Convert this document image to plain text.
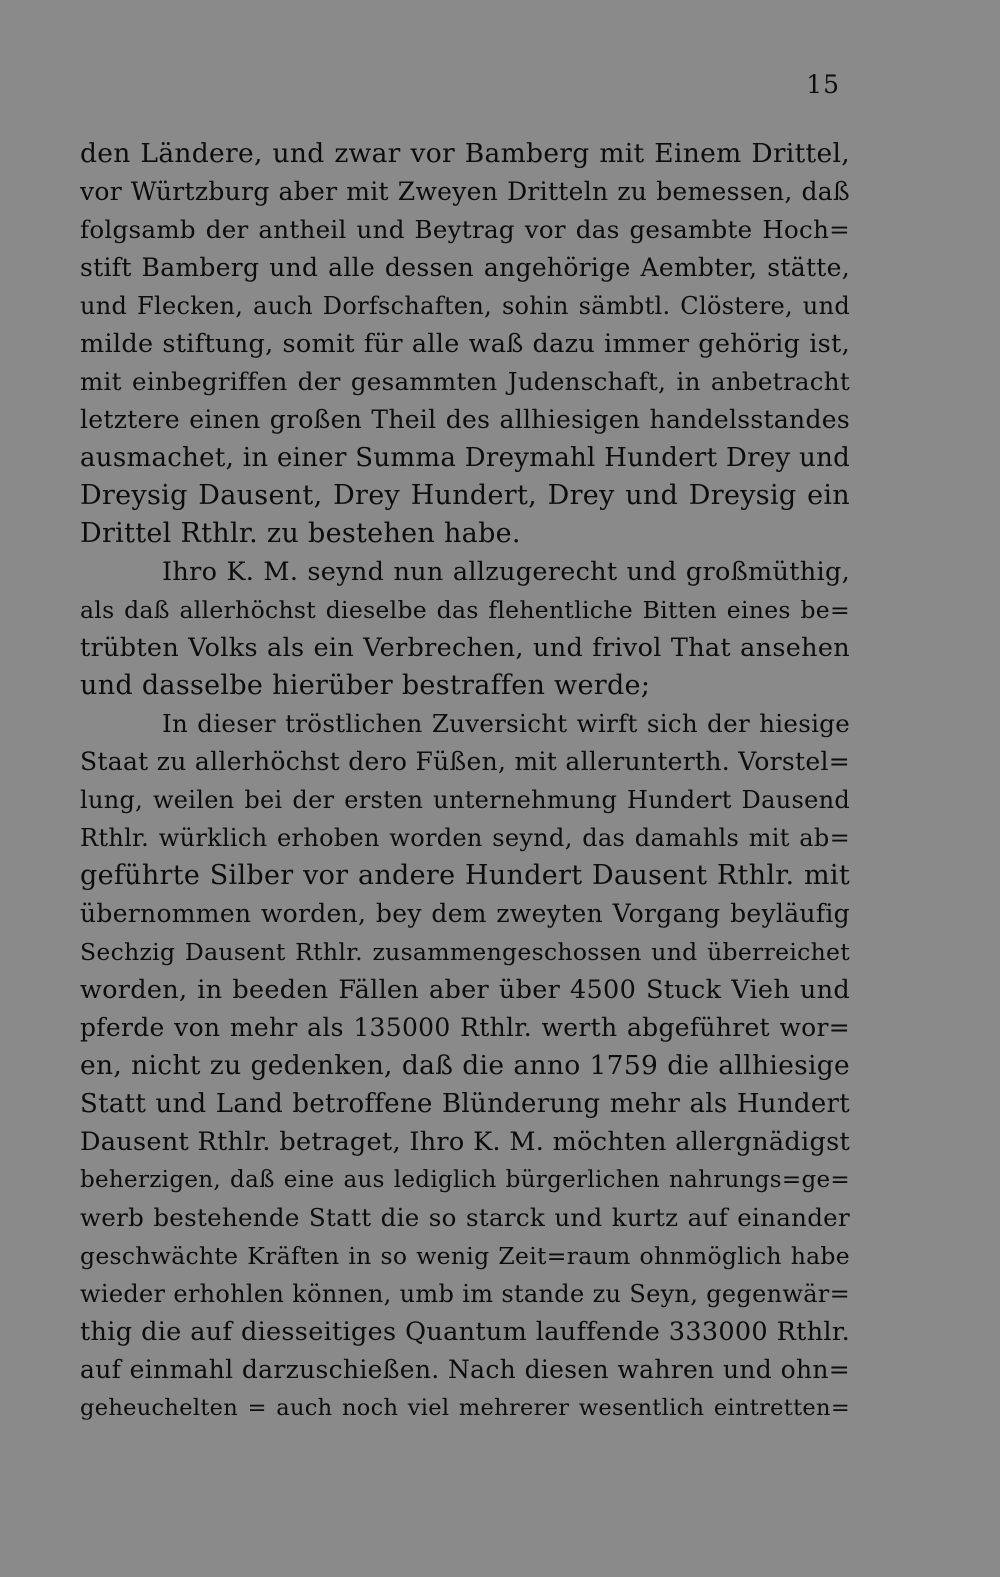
15
den Ländere, und zwar vor Bamberg mit Einem Drittel,
vor Würtzburg aber mit Zweyen Dritteln zu bemessen, daß
folgsamb der antheil und Beytrag vor das gesambte Hoch=
stift Bamberg und alle dessen angehörige Aembter, stätte,
und Flecken, auch Dorfschaften, sohin sämbtl. Clöstere, und
milde stiftung, somit für alle waß dazu immer gehörig ist,
mit einbegriffen der gesammten Judenschaft, in anbetracht
letztere einen großen Theil des allhiesigen handelsstandes
ausmachet, in einer Summa Dreymahl Hundert Drey und
Dreysig Dausent, Drey Hundert, Drey und Dreysig ein
Drittel Rthlr. zu bestehen habe.
Ihro K. M. seynd nun allzugerecht und großmüthig,
als daß allerhöchst dieselbe das flehentliche Bitten eines be=
trübten Volks als ein Verbrechen, und frivol That ansehen
und dasselbe hierüber bestraffen werde;
In dieser tröstlichen Zuversicht wirft sich der hiesige
Staat zu allerhöchst dero Füßen, mit allerunterth. Vorstel=
lung, weilen bei der ersten unternehmung Hundert Dausend
Rthlr. würklich erhoben worden seynd, das damahls mit ab=
geführte Silber vor andere Hundert Dausent Rthlr. mit
übernommen worden, bey dem zweyten Vorgang beyläufig
Sechzig Dausent Rthlr. zusammengeschossen und überreichet
worden, in beeden Fällen aber über 4500 Stuck Vieh und
pferde von mehr als 135000 Rthlr. werth abgeführet wor=
en, nicht zu gedenken, daß die anno 1759 die allhiesige
Statt und Land betroffene Blünderung mehr als Hundert
Dausent Rthlr. betraget, Ihro K. M. möchten allergnädigst
beherzigen, daß eine aus lediglich bürgerlichen nahrungs=ge=
werb bestehende Statt die so starck und kurtz auf einander
geschwächte Kräften in so wenig Zeit=raum ohnmöglich habe
wieder erhohlen können, umb im stande zu Seyn, gegenwär=
thig die auf diesseitiges Quantum lauffende 333000 Rthlr.
auf einmahl darzuschießen. Nach diesen wahren und ohn=
geheuchelten = auch noch viel mehrerer wesentlich eintretten=
